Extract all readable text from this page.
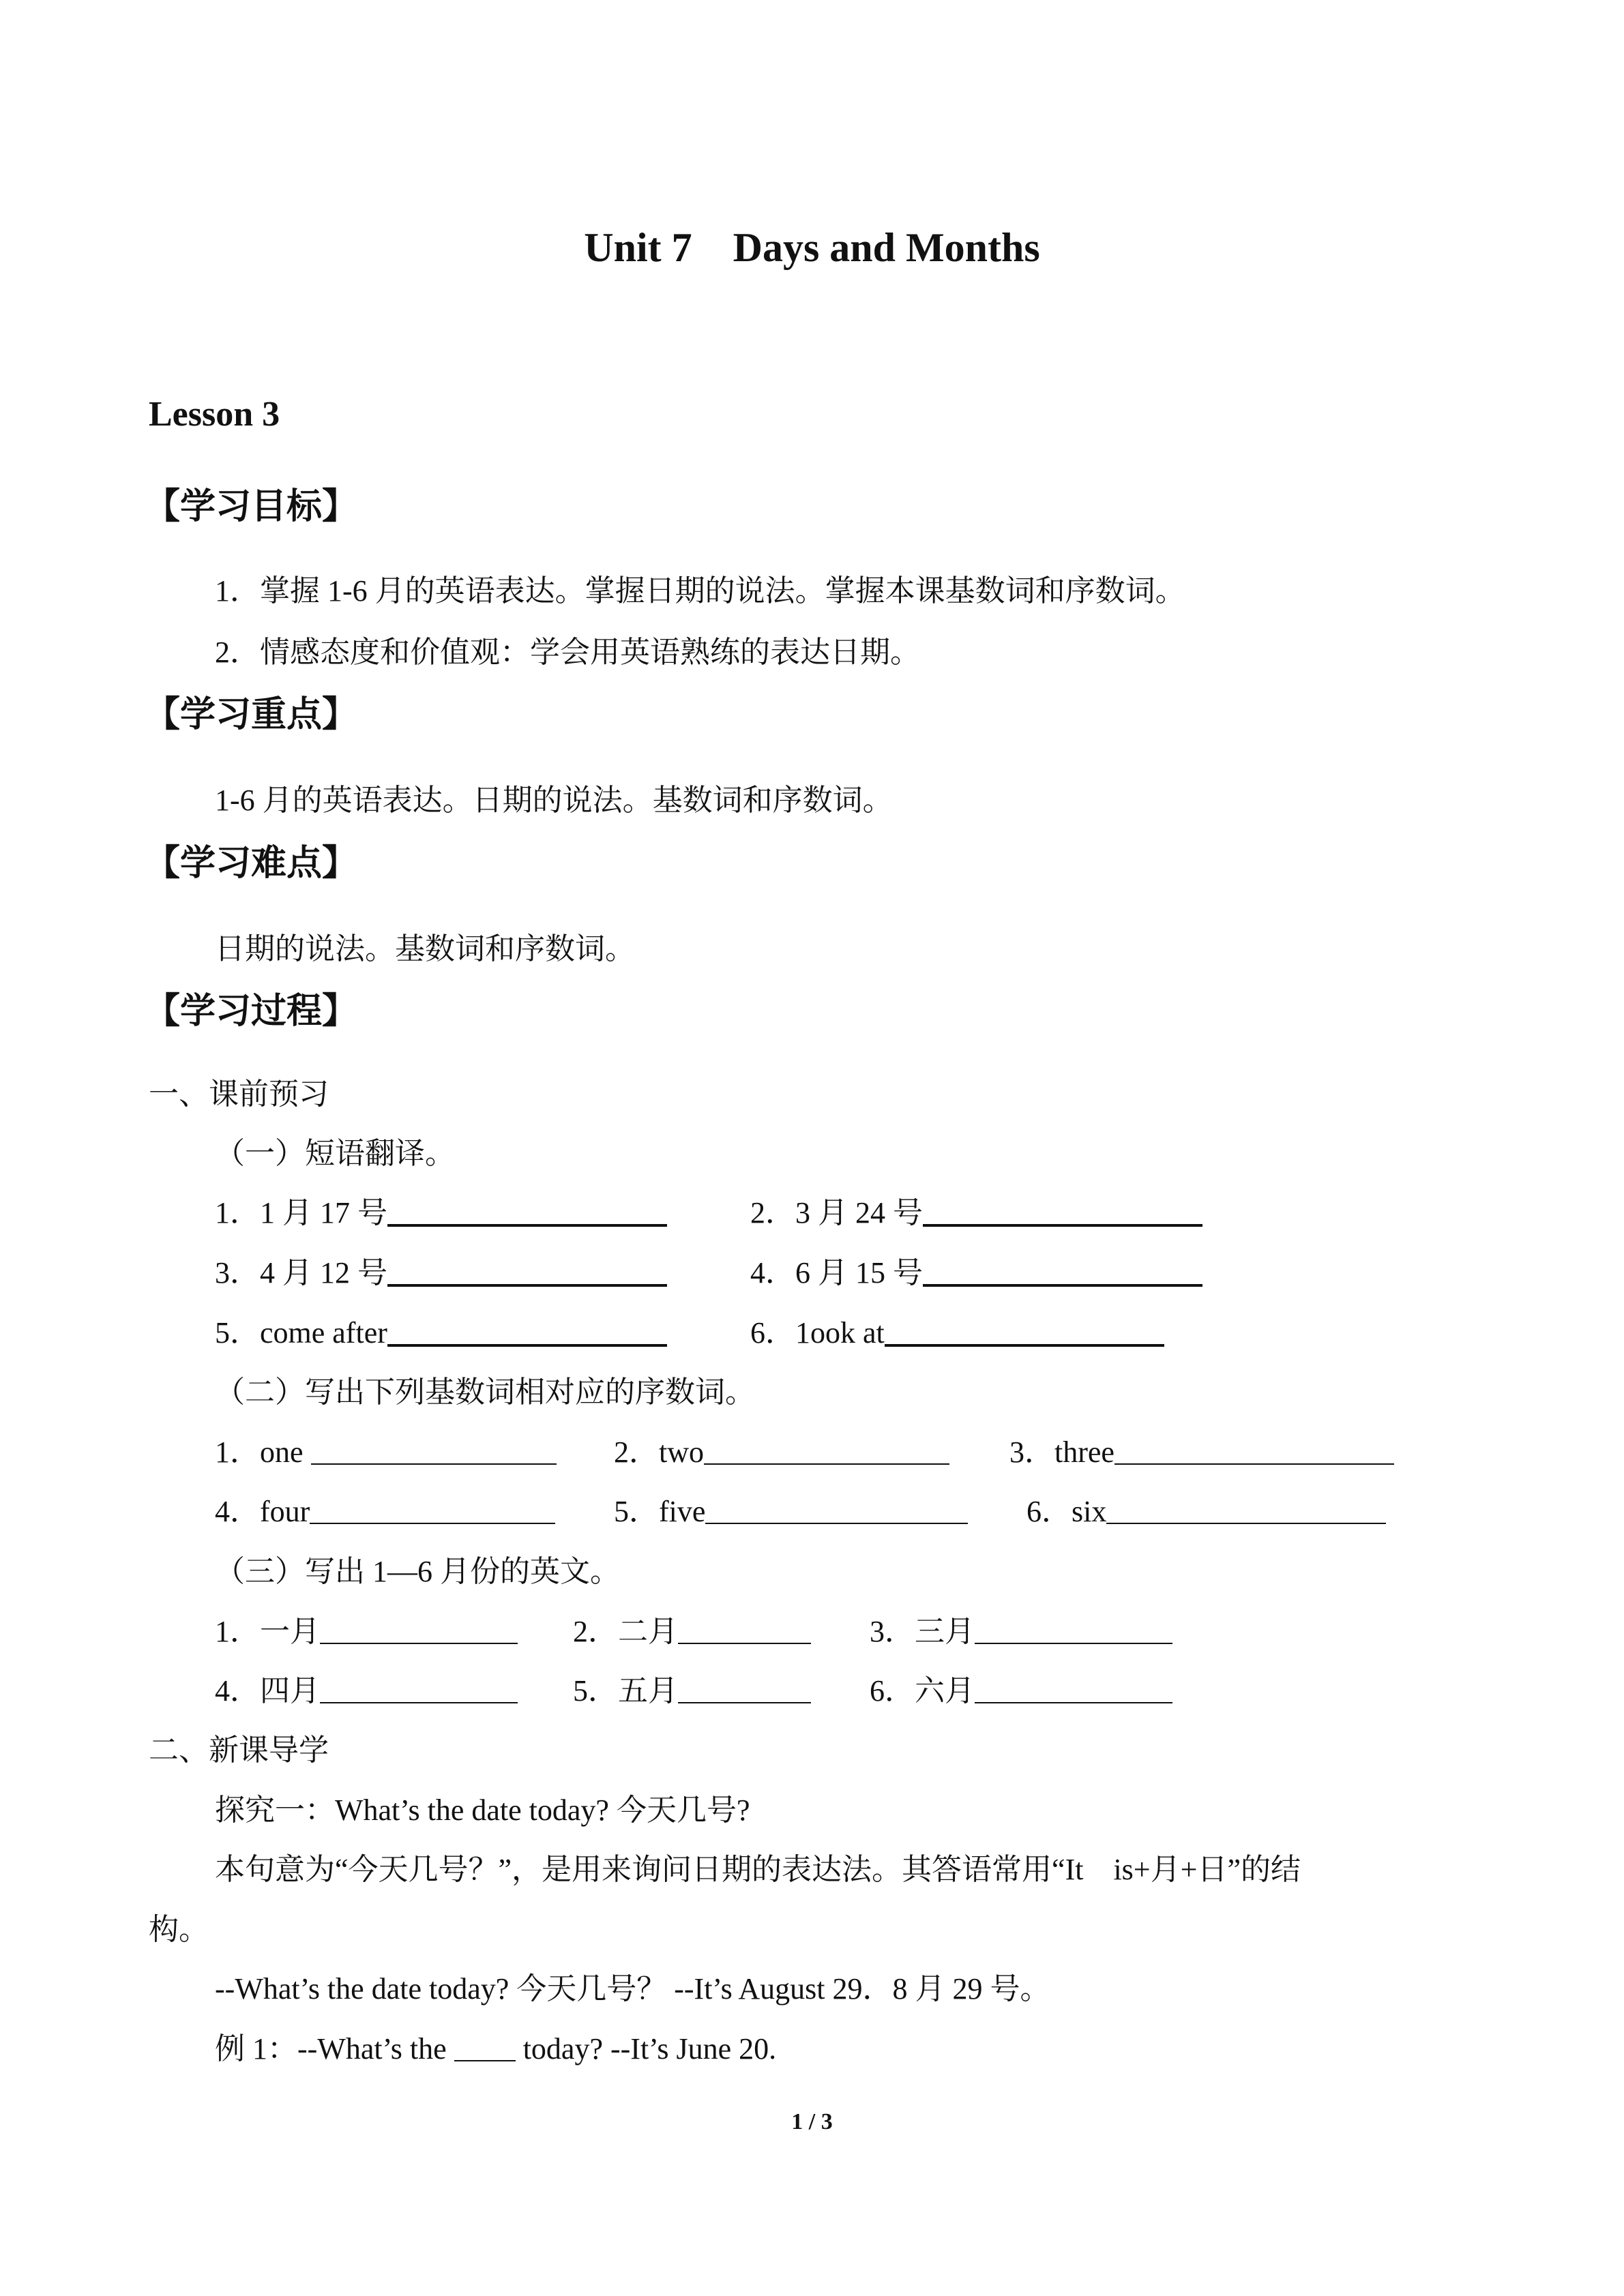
Unit 7　Days and Months
Lesson 3
【学习目标】
1．掌握 1-6 月的英语表达。掌握日期的说法。掌握本课基数词和序数词。
2．情感态度和价值观：学会用英语熟练的表达日期。
【学习重点】
1-6 月的英语表达。日期的说法。基数词和序数词。
【学习难点】
日期的说法。基数词和序数词。
【学习过程】
一、课前预习
（一）短语翻译。
1．1 月 17 号	2．3 月 24 号
3．4 月 12 号	4．6 月 15 号
5．come after	6．1ook at
（二）写出下列基数词相对应的序数词。
1．one	2．two	3．three
4．four	5．five	6．six
（三）写出 1—6 月份的英文。
1．一月	2．二月	3．三月
4．四月	5．五月	6．六月
二、新课导学
探究一：What’s the date today? 今天几号?
本句意为“今天几号？”，是用来询问日期的表达法。其答语常用“It　is+月+日”的结
构。
--What’s the date today? 今天几号？ --It’s August 29．8 月 29 号。
例 1：--What’s the  today? --It’s June 20.
1 / 3
